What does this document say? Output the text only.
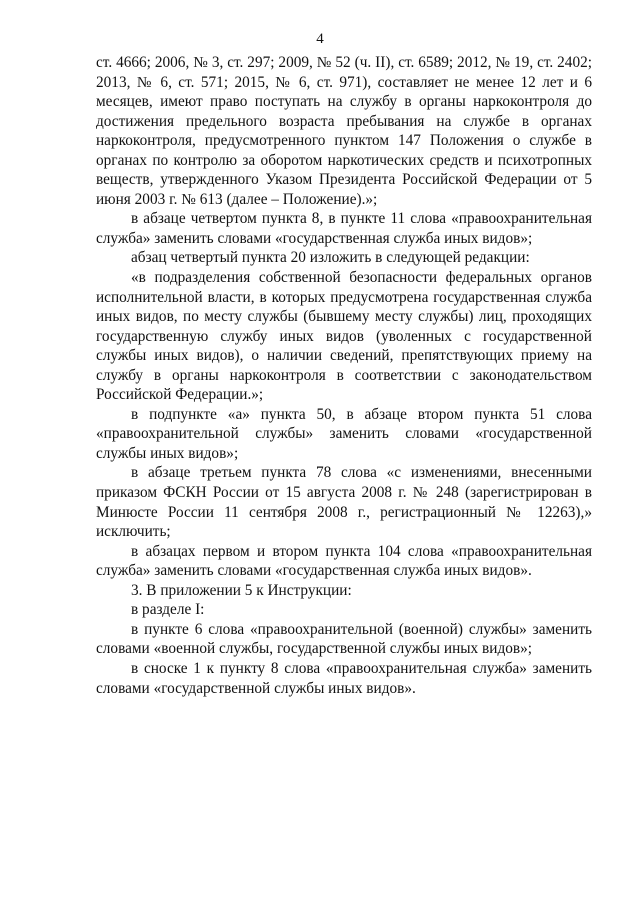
4

ст. 4666; 2006, № 3, ст. 297; 2009, № 52 (ч. II), ст. 6589; 2012, № 19, ст. 2402; 2013, № 6, ст. 571; 2015, № 6, ст. 971), составляет не менее 12 лет и 6 месяцев, имеют право поступать на службу в органы наркоконтроля до достижения предельного возраста пребывания на службе в органах наркоконтроля, предусмотренного пунктом 147 Положения о службе в органах по контролю за оборотом наркотических средств и психотропных веществ, утвержденного Указом Президента Российской Федерации от 5 июня 2003 г. № 613 (далее – Положение).»;

в абзаце четвертом пункта 8, в пункте 11 слова «правоохранительная служба» заменить словами «государственная служба иных видов»;

абзац четвертый пункта 20 изложить в следующей редакции:

«в подразделения собственной безопасности федеральных органов исполнительной власти, в которых предусмотрена государственная служба иных видов, по месту службы (бывшему месту службы) лиц, проходящих государственную службу иных видов (уволенных с государственной службы иных видов), о наличии сведений, препятствующих приему на службу в органы наркоконтроля в соответствии с законодательством Российской Федерации.»;

в подпункте «а» пункта 50, в абзаце втором пункта 51 слова «правоохранительной службы» заменить словами «государственной службы иных видов»;

в абзаце третьем пункта 78 слова «с изменениями, внесенными приказом ФСКН России от 15 августа 2008 г. № 248 (зарегистрирован в Минюсте России 11 сентября 2008 г., регистрационный № 12263),» исключить;

в абзацах первом и втором пункта 104 слова «правоохранительная служба» заменить словами «государственная служба иных видов».

3. В приложении 5 к Инструкции:

в разделе I:

в пункте 6 слова «правоохранительной (военной) службы» заменить словами «военной службы, государственной службы иных видов»;

в сноске 1 к пункту 8 слова «правоохранительная служба» заменить словами «государственной службы иных видов».
